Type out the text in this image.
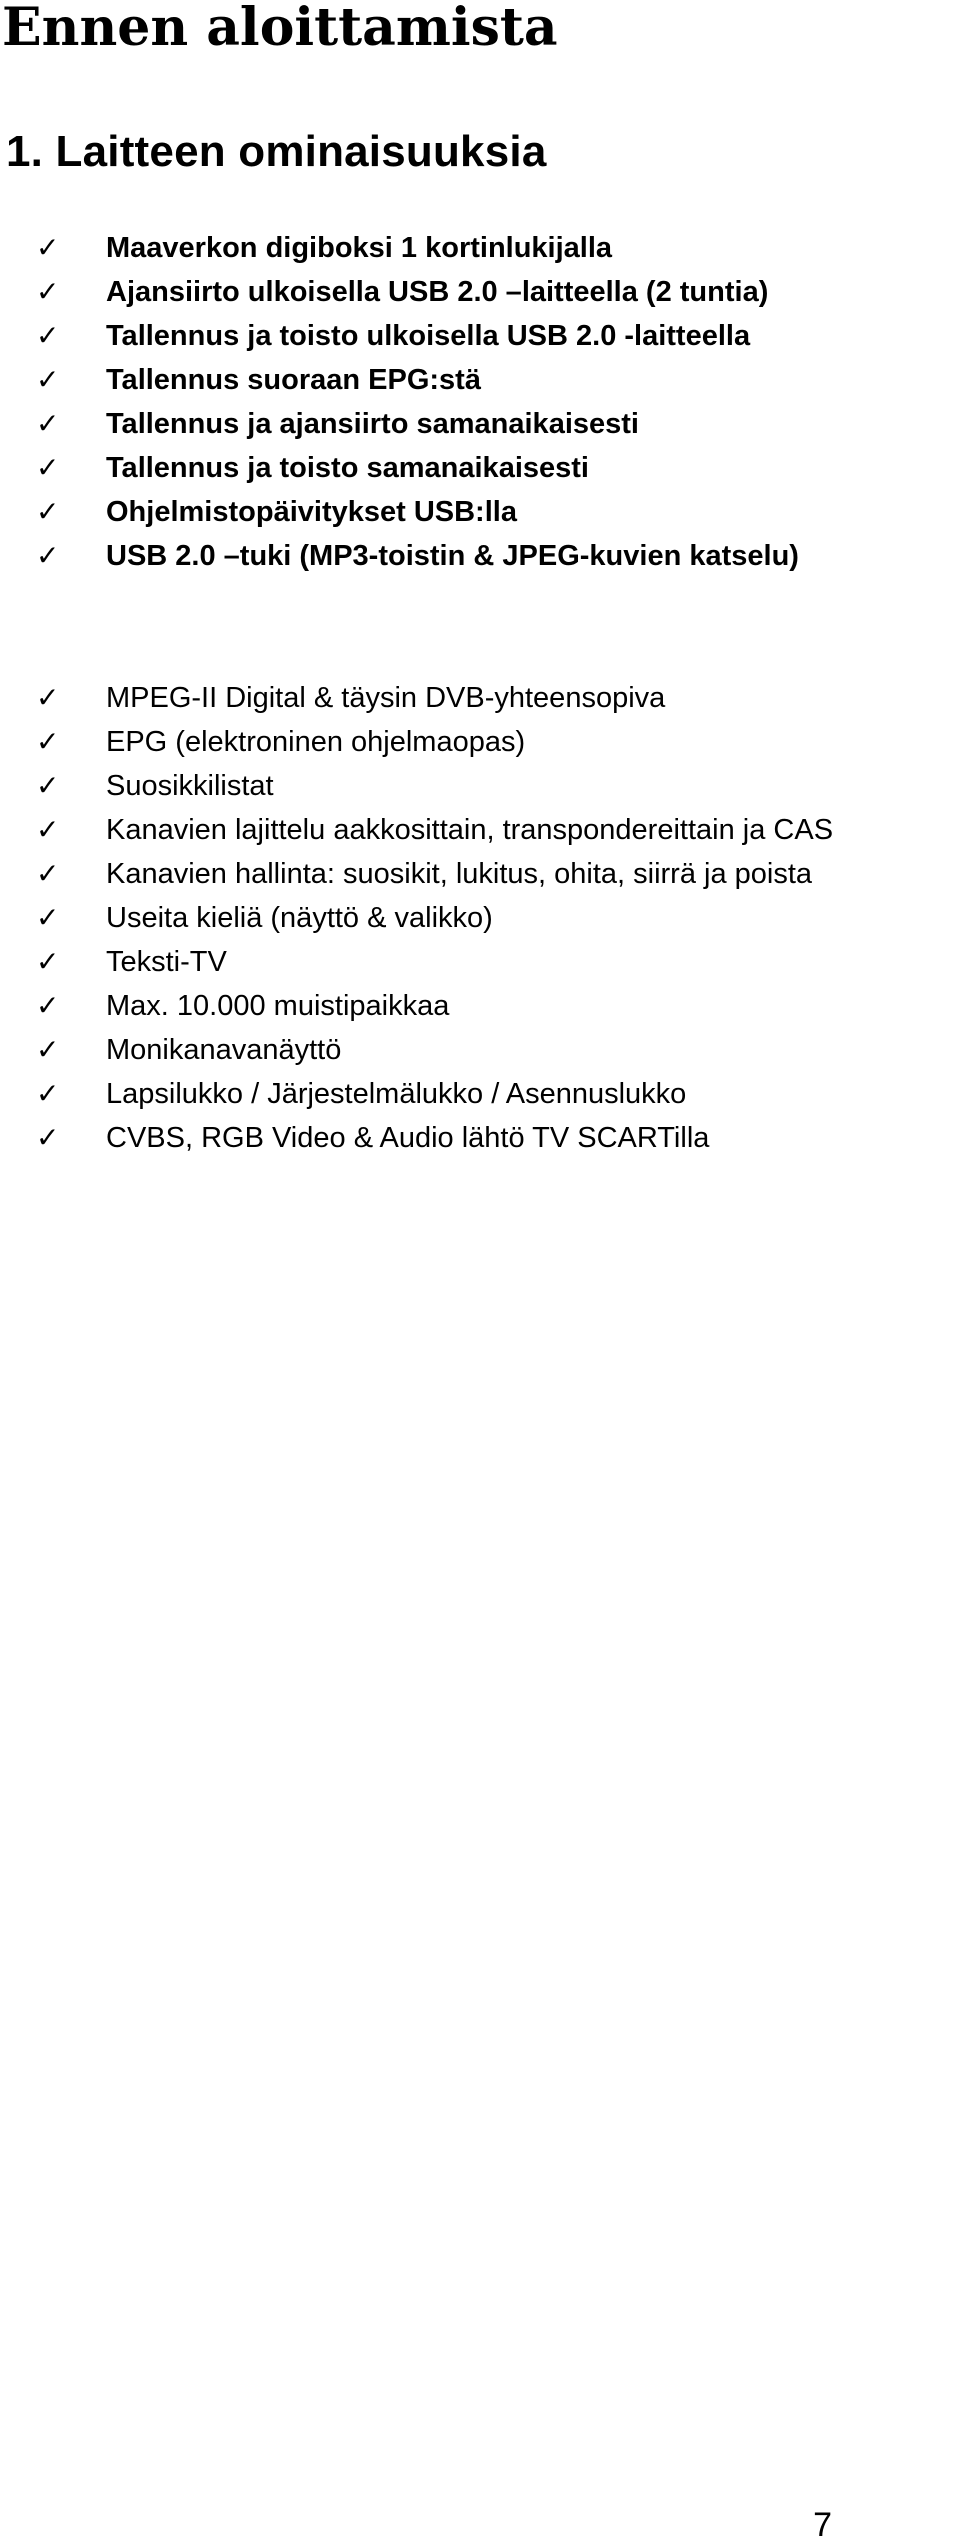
Ennen aloittamista
1. Laitteen ominaisuuksia
✓	Maaverkon digiboksi 1 kortinlukijalla
✓	Ajansiirto ulkoisella USB 2.0 –laitteella (2 tuntia)
✓	Tallennus ja toisto ulkoisella USB 2.0 -laitteella
✓	Tallennus suoraan EPG:stä
✓	Tallennus ja ajansiirto samanaikaisesti
✓	Tallennus ja toisto samanaikaisesti
✓	Ohjelmistopäivitykset USB:lla
✓	USB 2.0 –tuki (MP3-toistin & JPEG-kuvien katselu)
✓	MPEG-II Digital & täysin DVB-yhteensopiva
✓	EPG (elektroninen ohjelmaopas)
✓	Suosikkilistat
✓	Kanavien lajittelu aakkosittain, transpondereittain ja CAS
✓	Kanavien hallinta: suosikit, lukitus, ohita, siirrä ja poista
✓	Useita kieliä (näyttö & valikko)
✓	Teksti-TV
✓	Max. 10.000 muistipaikkaa
✓	Monikanavanäyttö
✓	Lapsilukko / Järjestelmälukko / Asennuslukko
✓	CVBS, RGB Video & Audio lähtö TV SCARTilla
7
